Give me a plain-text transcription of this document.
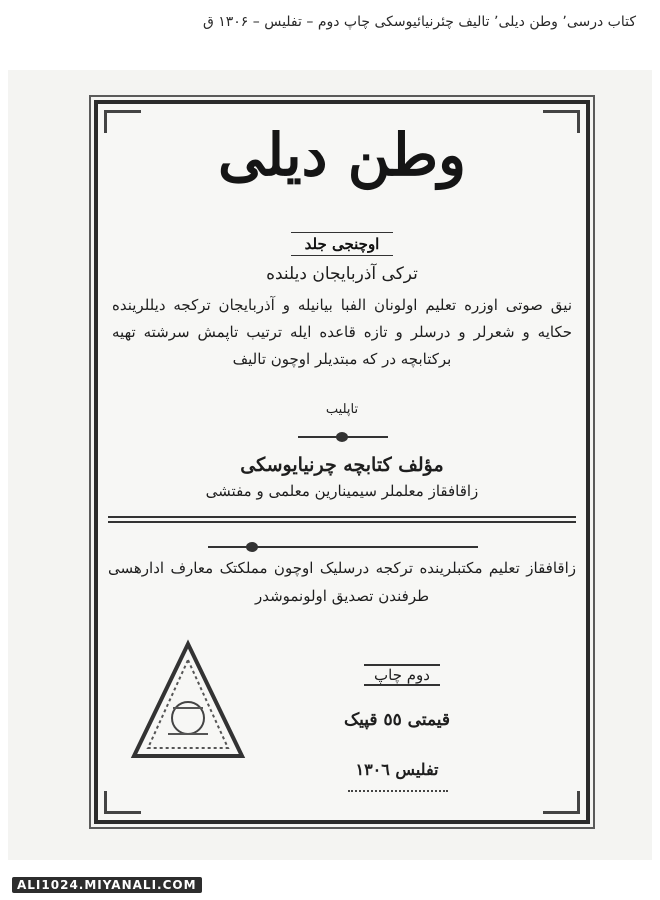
کتاب درسی٬ وطن دیلی٬ تالیف چئرنیائیوسکی چاپ دوم – تفلیس – ۱۳۰۶ ق
وطن دیلی
اوچنجی جلد
ترکی آذربایجان دیلنده
نیق صوتی اوزره تعلیم اولونان الفبا بیانیله و آذربایجان ترکجه دیللرینده حکایه و شعرلر و درسلر و تازه قاعده ایله ترتیب تاپمش سرشته تهیه برکتابچه در که مبتدیلر اوچون تالیف
تاپلیب
مؤلف کتابچه چرنیایوسکی
زاقافقاز معلملر سیمینارین معلمی و مفتشی
زاقافقاز تعلیم مکتبلرینده ترکجه درسلیک اوچون مملکتک معارف ادارهسی طرفندن تصدیق اولونموشدر
دوم چاپ
قیمتی ٥٥ قپیک
تفلیس ١٣٠٦
ALI1024.MIYANALI.COM
